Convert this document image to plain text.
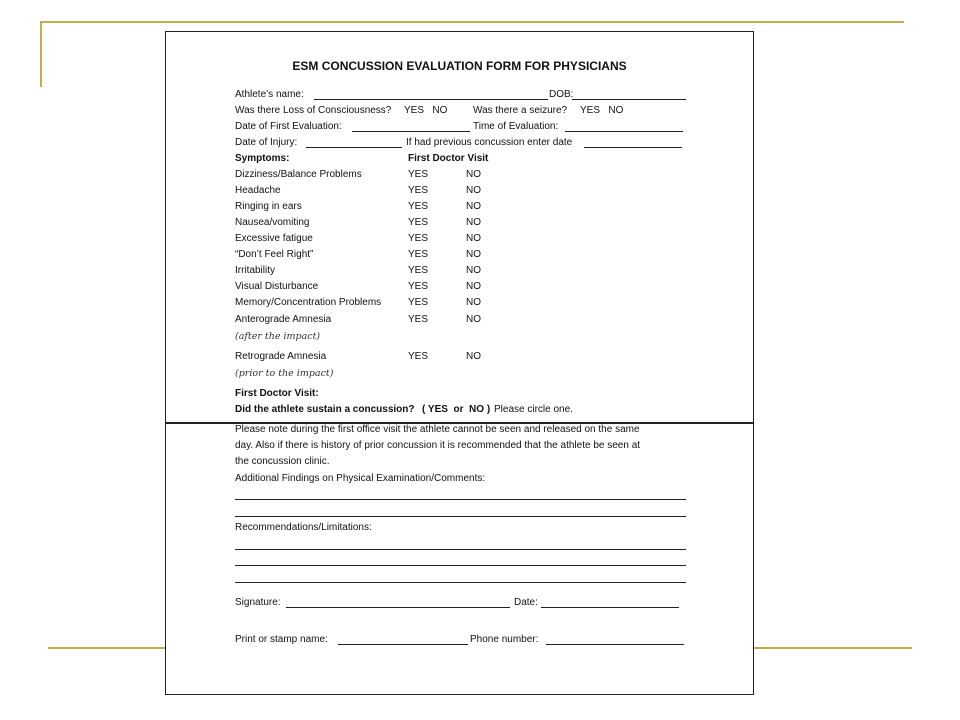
ESM CONCUSSION EVALUATION FORM FOR PHYSICIANS
Athlete’s name:	DOB:
Was there Loss of Consciousness? YES   NO	Was there a seizure? YES   NO
Date of First Evaluation:	Time of Evaluation:
Date of Injury:	If had previous concussion enter date
Symptoms:	First Doctor Visit
Dizziness/Balance Problems	YES	NO
Headache	YES	NO
Ringing in ears	YES	NO
Nausea/vomiting	YES	NO
Excessive fatigue	YES	NO
“Don’t Feel Right”	YES	NO
Irritability	YES	NO
Visual Disturbance	YES	NO
Memory/Concentration Problems	YES	NO
Anterograde Amnesia	YES	NO
(after the impact)
Retrograde Amnesia	YES	NO
(prior to the impact)
First Doctor Visit:
Did the athlete sustain a concussion? ( YES  or  NO ) Please circle one.
Please note during the first office visit the athlete cannot be seen and released on the same
day. Also if there is history of prior concussion it is recommended that the athlete be seen at
the concussion clinic.
Additional Findings on Physical Examination/Comments:
Recommendations/Limitations:
Signature:	Date:
Print or stamp name:	Phone number:
